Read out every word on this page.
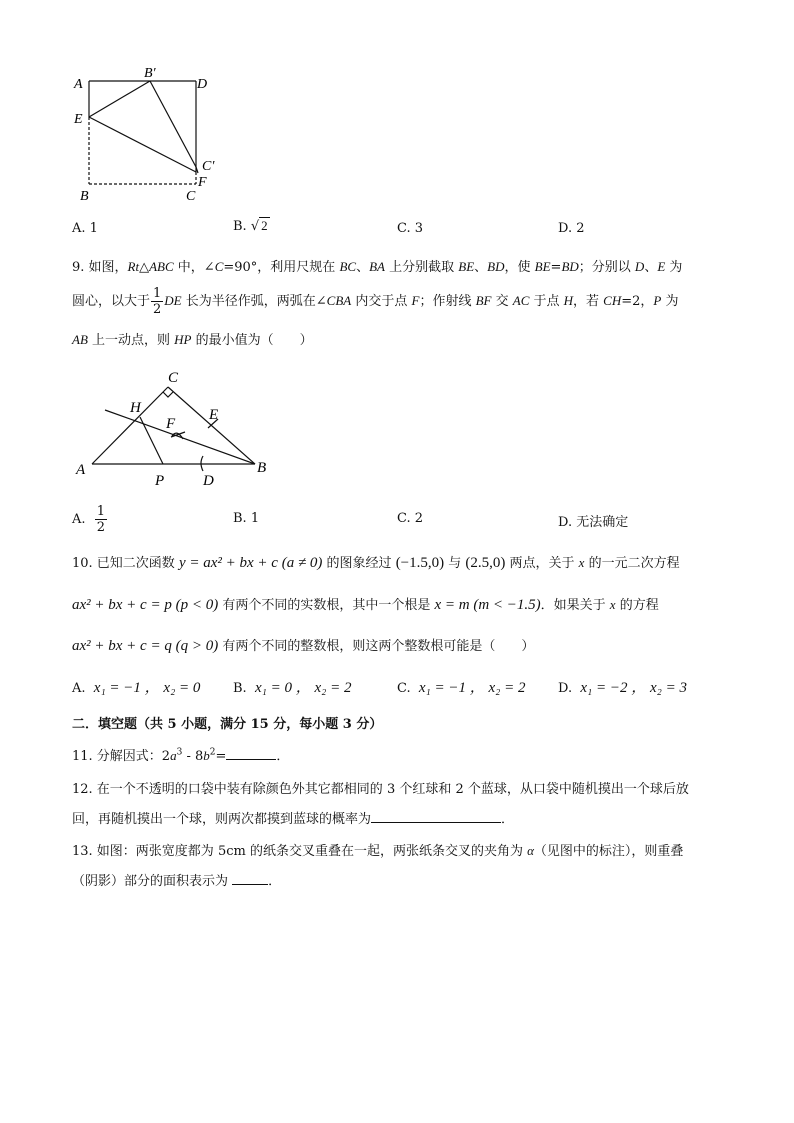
A
B′
D
E
C′
F
B	C
A. 1	B. √ 2	C. 3	D. 2
9. 如图，Rt△ABC 中，∠C=90°，利用尺规在 BC、BA 上分别截取 BE、BD，使 BE=BD；分别以 D、E 为
圆心，以大于 $\frac{1}{2}$ DE 长为半径作弧，两弧在∠CBA 内交于点 F；作射线 BF 交 AC 于点 H，若 CH=2，P 为
AB 上一动点，则 HP 的最小值为（　　）
C
H	E
F
A
P	D
B
A. $\frac{1}{2}$	B. 1	C. 2	D. 无法确定
10. 已知二次函数 y = ax² + bx + c (a ≠ 0) 的图象经过 (−1.5,0) 与 (2.5,0) 两点，关于 x 的一元二次方程
ax² + bx + c = p (p < 0) 有两个不同的实数根，其中一个根是 x = m (m < −1.5)．如果关于 x 的方程
ax² + bx + c = q (q > 0) 有两个不同的整数根，则这两个整数根可能是（　　）
A. x₁ = −1 ， x₂ = 0	B. x₁ = 0 ， x₂ = 2	C. x₁ = −1 ， x₂ = 2 D. x₁ = −2 ， x₂ = 3
二．填空题（共 5 小题，满分 15 分，每小题 3 分）
11. 分解因式：$2a^3 - 8b^2=$	．
12. 在一个不透明的口袋中装有除颜色外其它都相同的 3 个红球和 2 个蓝球，从口袋中随机摸出一个球后放
回，再随机摸出一个球，则两次都摸到蓝球的概率为	．
13. 如图：两张宽度都为 5cm 的纸条交叉重叠在一起，两张纸条交叉的夹角为 α（见图中的标注），则重叠
（阴影）部分的面积表示为	．
